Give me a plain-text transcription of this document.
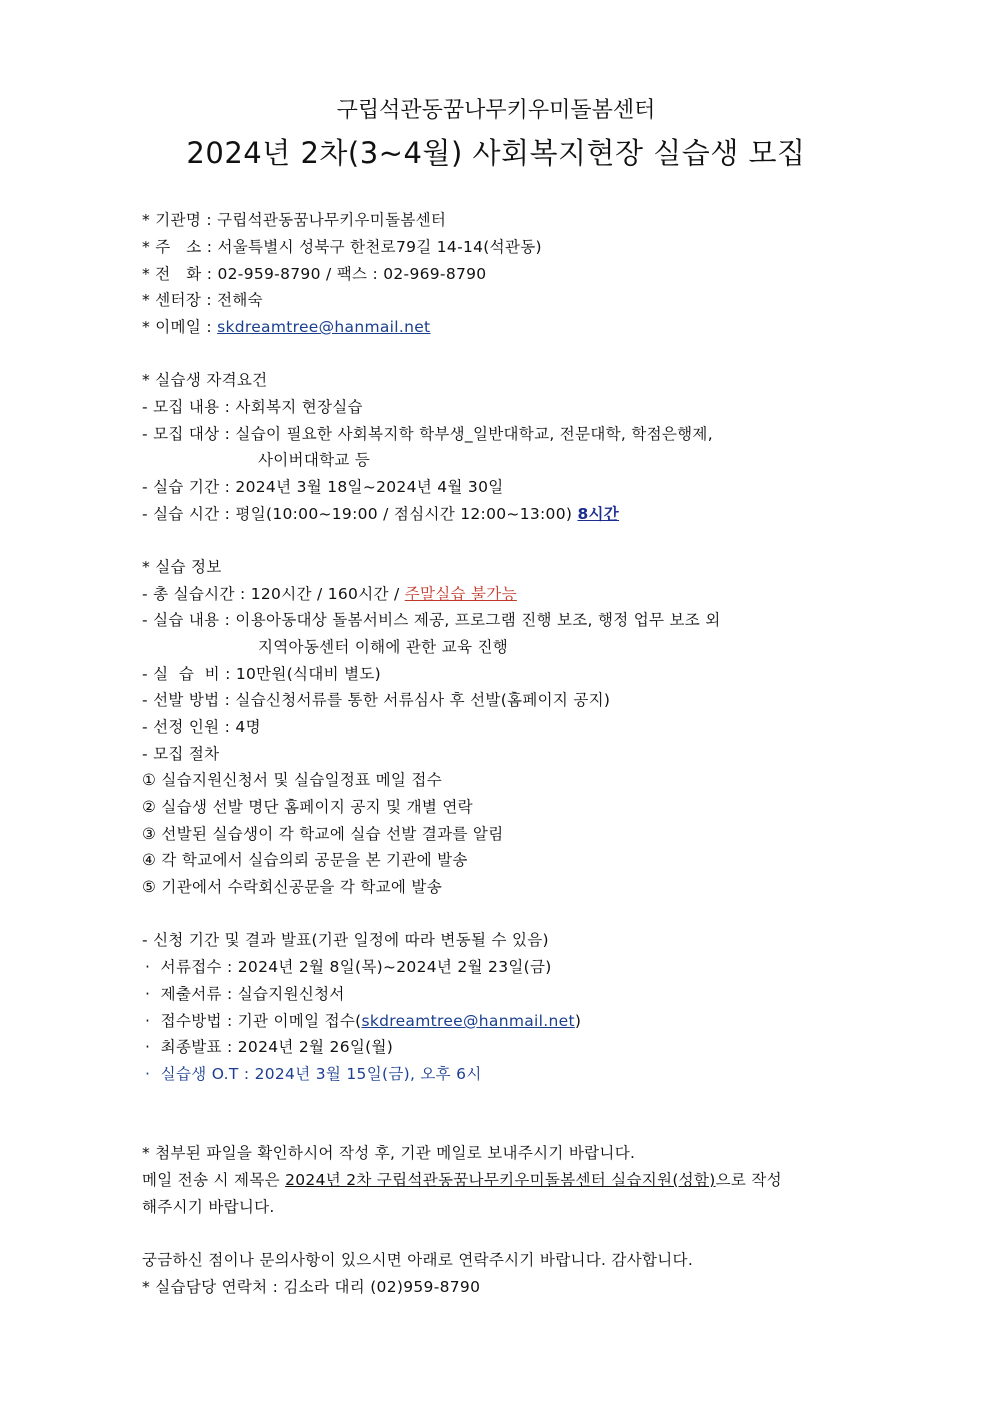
구립석관동꿈나무키우미돌봄센터
2024년 2차(3~4월) 사회복지현장 실습생 모집
* 기관명 : 구립석관동꿈나무키우미돌봄센터
* 주   소 : 서울특별시 성북구 한천로79길 14-14(석관동)
* 전   화 : 02-959-8790 / 팩스 : 02-969-8790
* 센터장 : 전해숙
* 이메일 : skdreamtree@hanmail.net
* 실습생 자격요건
- 모집 내용 : 사회복지 현장실습
- 모집 대상 : 실습이 필요한 사회복지학 학부생_일반대학교, 전문대학, 학점은행제,
사이버대학교 등
- 실습 기간 : 2024년 3월 18일~2024년 4월 30일
- 실습 시간 : 평일(10:00~19:00 / 점심시간 12:00~13:00) 8시간
* 실습 정보
- 총 실습시간 : 120시간 / 160시간 / 주말실습 불가능
- 실습 내용 : 이용아동대상 돌봄서비스 제공, 프로그램 진행 보조, 행정 업무 보조 외
지역아동센터 이해에 관한 교육 진행
- 실  습  비 : 10만원(식대비 별도)
- 선발 방법 : 실습신청서류를 통한 서류심사 후 선발(홈페이지 공지)
- 선정 인원 : 4명
- 모집 절차
① 실습지원신청서 및 실습일정표 메일 접수
② 실습생 선발 명단 홈페이지 공지 및 개별 연락
③ 선발된 실습생이 각 학교에 실습 선발 결과를 알림
④ 각 학교에서 실습의뢰 공문을 본 기관에 발송
⑤ 기관에서 수락회신공문을 각 학교에 발송
- 신청 기간 및 결과 발표(기관 일정에 따라 변동될 수 있음)
·  서류접수 : 2024년 2월 8일(목)~2024년 2월 23일(금)
·  제출서류 : 실습지원신청서
·  접수방법 : 기관 이메일 접수(skdreamtree@hanmail.net)
·  최종발표 : 2024년 2월 26일(월)
·  실습생 O.T : 2024년 3월 15일(금), 오후 6시
* 첨부된 파일을 확인하시어 작성 후, 기관 메일로 보내주시기 바랍니다.
메일 전송 시 제목은 2024년 2차 구립석관동꿈나무키우미돌봄센터 실습지원(성함)으로 작성
해주시기 바랍니다.
궁금하신 점이나 문의사항이 있으시면 아래로 연락주시기 바랍니다. 감사합니다.
* 실습담당 연락처 : 김소라 대리 (02)959-8790
